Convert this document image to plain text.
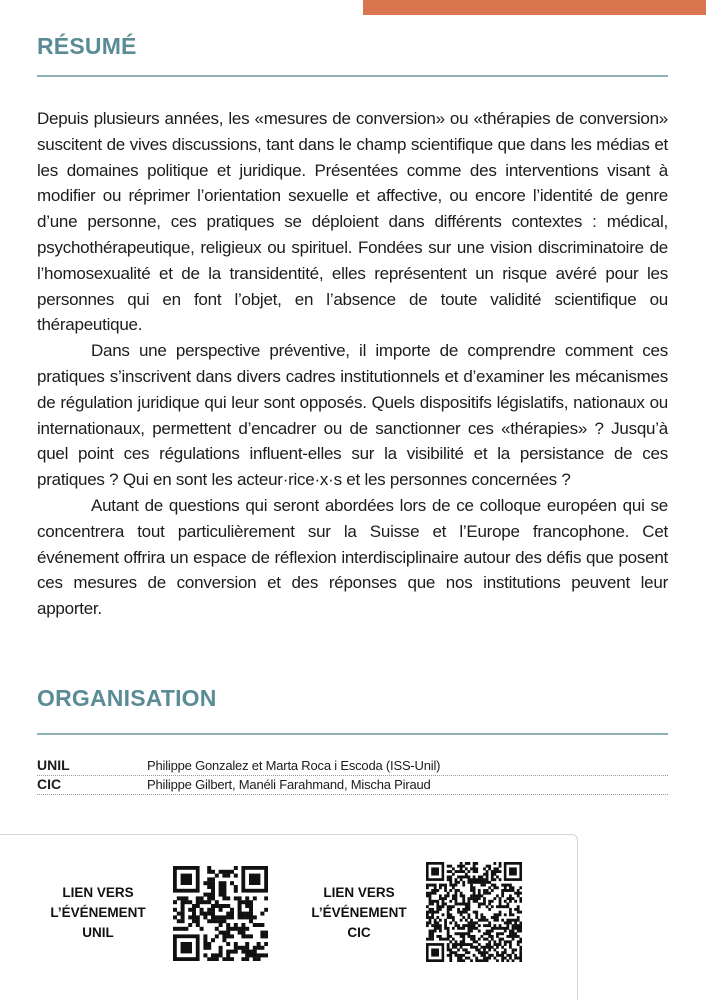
RÉSUMÉ

Depuis plusieurs années, les «mesures de conversion» ou «thérapies de conversion» suscitent de vives discussions, tant dans le champ scientifique que dans les médias et les domaines politique et juridique. Présentées comme des interventions visant à modifier ou réprimer l’orientation sexuelle et affective, ou encore l’identité de genre d’une personne, ces pratiques se déploient dans différents contextes : médical, psychothérapeutique, religieux ou spirituel. Fondées sur une vision discriminatoire de l’homosexualité et de la transidentité, elles représentent un risque avéré pour les personnes qui en font l’objet, en l’absence de toute validité scientifique ou thérapeutique.

Dans une perspective préventive, il importe de comprendre comment ces pratiques s’inscrivent dans divers cadres institutionnels et d’examiner les mécanismes de régulation juridique qui leur sont opposés. Quels dispositifs législatifs, nationaux ou internationaux, permettent d’encadrer ou de sanctionner ces «thérapies» ? Jusqu’à quel point ces régulations influent-elles sur la visibilité et la persistance de ces pratiques ? Qui en sont les acteur·rice·x·s et les personnes concernées ?

Autant de questions qui seront abordées lors de ce colloque européen qui se concentrera tout particulièrement sur la Suisse et l’Europe francophone. Cet événement offrira un espace de réflexion interdisciplinaire autour des défis que posent ces mesures de conversion et des réponses que nos institutions peuvent leur apporter.

ORGANISATION
UNIL	Philippe Gonzalez et Marta Roca i Escoda (ISS-Unil)
CIC	Philippe Gilbert, Manéli Farahmand, Mischa Piraud
LIEN VERS
L’ÉVÉNEMENT
UNIL
LIEN VERS
L’ÉVÉNEMENT
CIC
